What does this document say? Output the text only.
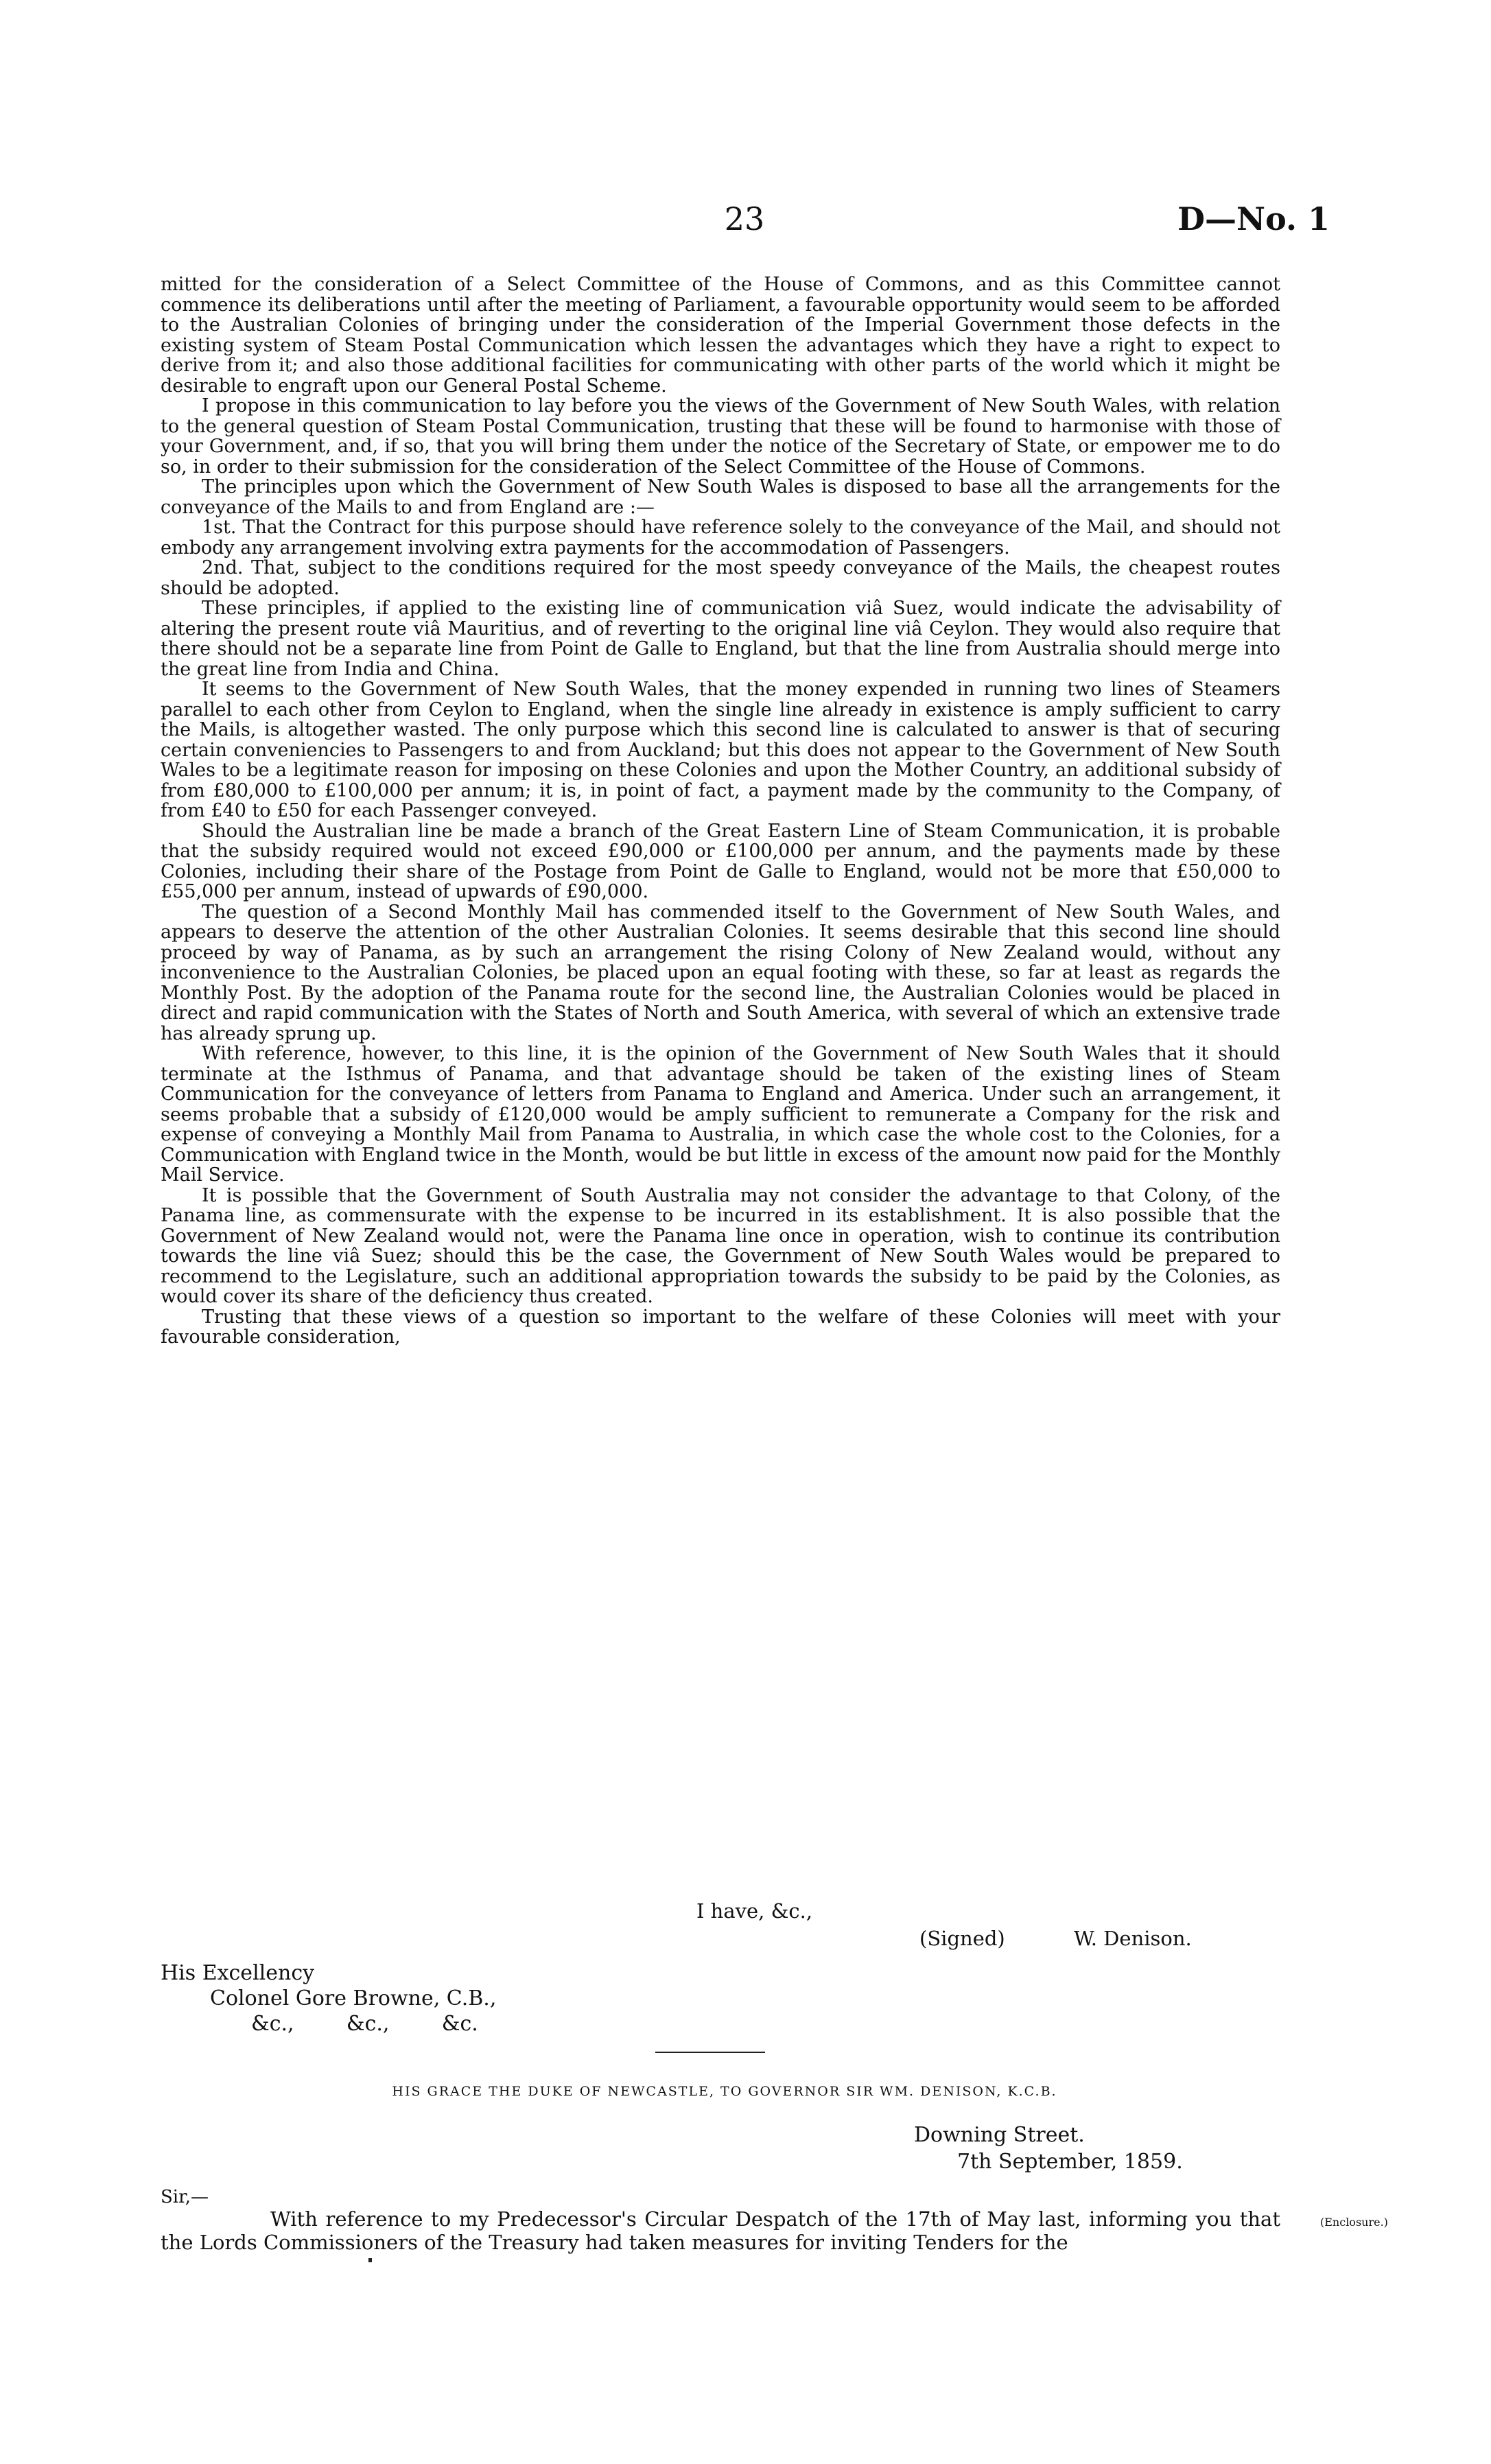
23	D—No. 1

mitted for the consideration of a Select Committee of the House of Commons, and as this Committee cannot commence its deliberations until after the meeting of Parliament, a favourable opportunity would seem to be afforded to the Australian Colonies of bringing under the consideration of the Imperial Government those defects in the existing system of Steam Postal Communication which lessen the advantages which they have a right to expect to derive from it; and also those additional facilities for communicating with other parts of the world which it might be desirable to engraft upon our General Postal Scheme.

I propose in this communication to lay before you the views of the Government of New South Wales, with relation to the general question of Steam Postal Communication, trusting that these will be found to harmonise with those of your Government, and, if so, that you will bring them under the notice of the Secretary of State, or empower me to do so, in order to their submission for the consideration of the Select Committee of the House of Commons.

The principles upon which the Government of New South Wales is disposed to base all the arrangements for the conveyance of the Mails to and from England are :—

1st. That the Contract for this purpose should have reference solely to the conveyance of the Mail, and should not embody any arrangement involving extra payments for the accommodation of Passengers.

2nd. That, subject to the conditions required for the most speedy conveyance of the Mails, the cheapest routes should be adopted.

These principles, if applied to the existing line of communication viâ Suez, would indicate the advisability of altering the present route viâ Mauritius, and of reverting to the original line viâ Ceylon. They would also require that there should not be a separate line from Point de Galle to England, but that the line from Australia should merge into the great line from India and China.

It seems to the Government of New South Wales, that the money expended in running two lines of Steamers parallel to each other from Ceylon to England, when the single line already in existence is amply sufficient to carry the Mails, is altogether wasted. The only purpose which this second line is calculated to answer is that of securing certain conveniencies to Passengers to and from Auckland; but this does not appear to the Government of New South Wales to be a legitimate reason for imposing on these Colonies and upon the Mother Country, an additional subsidy of from £80,000 to £100,000 per annum; it is, in point of fact, a payment made by the community to the Company, of from £40 to £50 for each Passenger conveyed.

Should the Australian line be made a branch of the Great Eastern Line of Steam Communication, it is probable that the subsidy required would not exceed £90,000 or £100,000 per annum, and the payments made by these Colonies, including their share of the Postage from Point de Galle to England, would not be more that £50,000 to £55,000 per annum, instead of upwards of £90,000.

The question of a Second Monthly Mail has commended itself to the Government of New South Wales, and appears to deserve the attention of the other Australian Colonies. It seems desirable that this second line should proceed by way of Panama, as by such an arrangement the rising Colony of New Zealand would, without any inconvenience to the Australian Colonies, be placed upon an equal footing with these, so far at least as regards the Monthly Post. By the adoption of the Panama route for the second line, the Australian Colonies would be placed in direct and rapid communication with the States of North and South America, with several of which an extensive trade has already sprung up.

With reference, however, to this line, it is the opinion of the Government of New South Wales that it should terminate at the Isthmus of Panama, and that advantage should be taken of the existing lines of Steam Communication for the conveyance of letters from Panama to England and America. Under such an arrangement, it seems probable that a subsidy of £120,000 would be amply sufficient to remunerate a Company for the risk and expense of conveying a Monthly Mail from Panama to Australia, in which case the whole cost to the Colonies, for a Communication with England twice in the Month, would be but little in excess of the amount now paid for the Monthly Mail Service.

It is possible that the Government of South Australia may not consider the advantage to that Colony, of the Panama line, as commensurate with the expense to be incurred in its establishment. It is also possible that the Government of New Zealand would not, were the Panama line once in operation, wish to continue its contribution towards the line viâ Suez; should this be the case, the Government of New South Wales would be prepared to recommend to the Legislature, such an additional appropriation towards the subsidy to be paid by the Colonies, as would cover its share of the deficiency thus created.

Trusting that these views of a question so important to the welfare of these Colonies will meet with your favourable consideration,

I have, &c.,
(Signed)	W. Denison.
His Excellency
Colonel Gore Browne, C.B.,
&c.,        &c.,        &c.
HIS GRACE THE DUKE OF NEWCASTLE, TO GOVERNOR SIR WM. DENISON, K.C.B.
Downing Street.
7th September, 1859.
Sir,—
With reference to my Predecessor's Circular Despatch of the 17th of May last, informing you that the Lords Commissioners of the Treasury had taken measures for inviting Tenders for the
(Enclosure.)
